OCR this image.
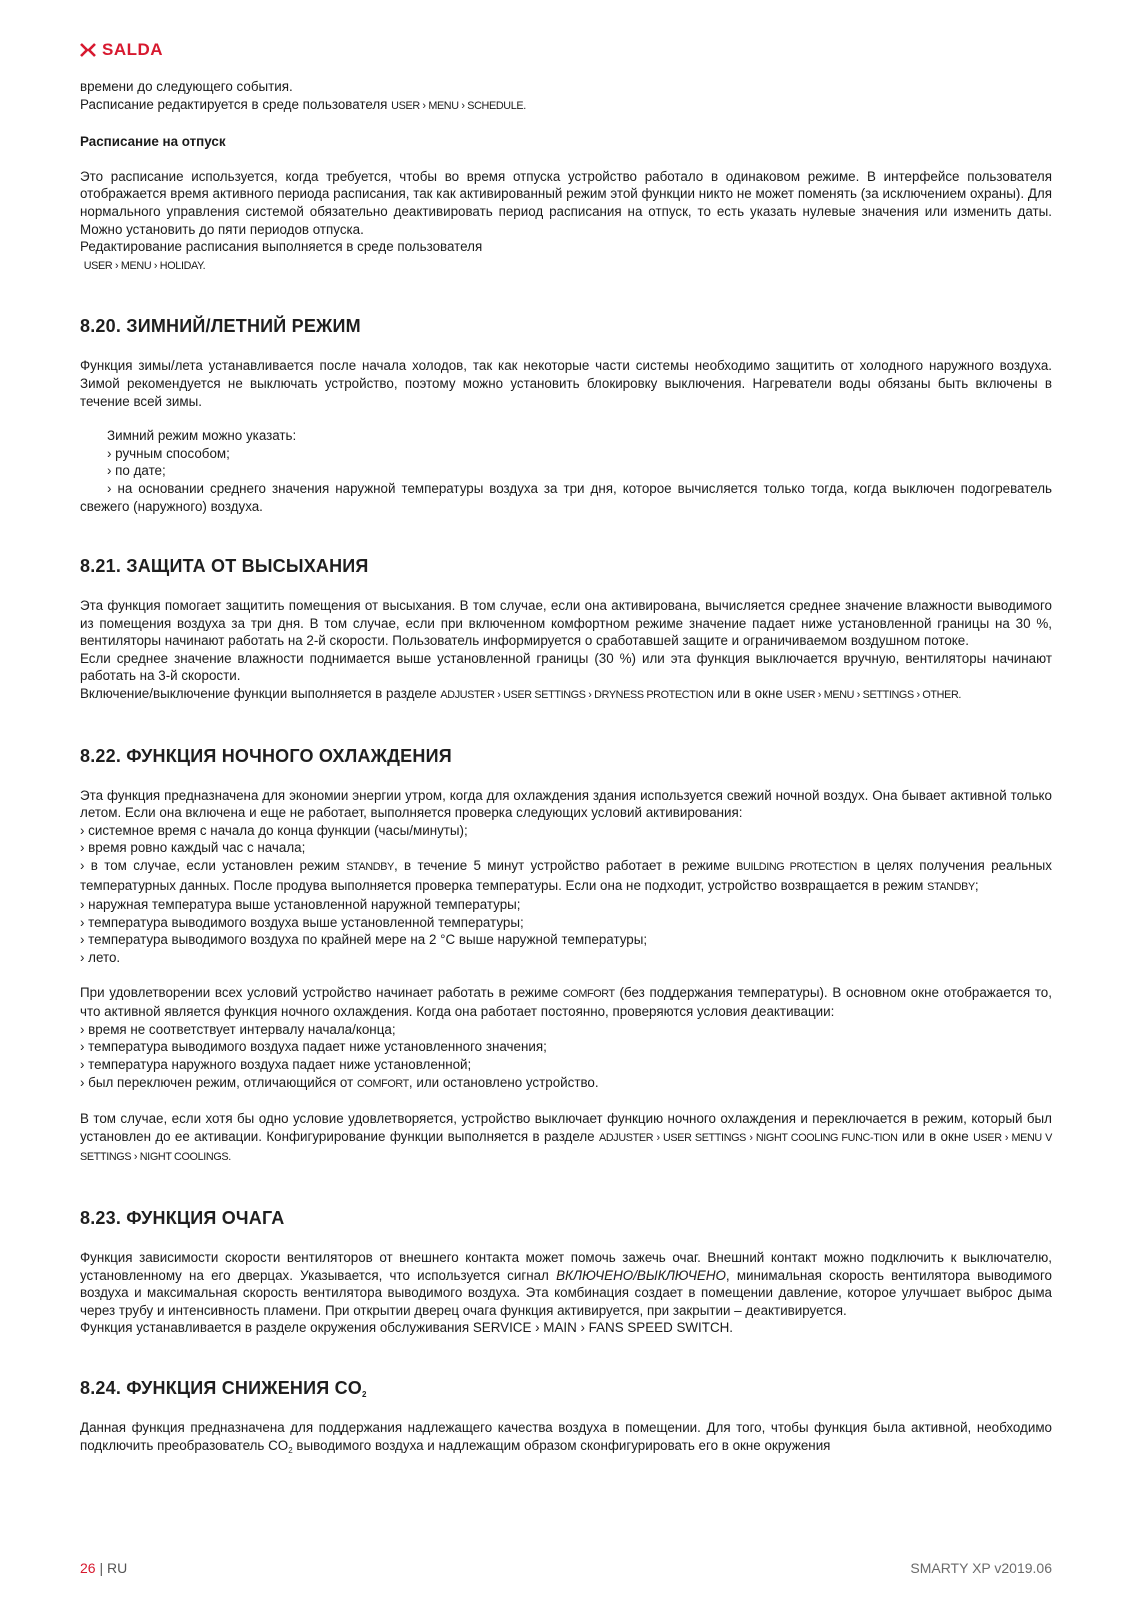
SALDA

времени до следующего события.

Расписание редактируется в среде пользователя USER › MENU › SCHEDULE.

Расписание на отпуск

Это расписание используется, когда требуется, чтобы во время отпуска устройство работало в одинаковом режиме. В интерфейсе пользователя отображается время активного периода расписания, так как активированный режим этой функции никто не может поменять (за исключением охраны). Для нормального управления системой обязательно деактивировать период расписания на отпуск, то есть указать нулевые значения или изменить даты. Можно установить до пяти периодов отпуска.

Редактирование расписания выполняется в среде пользователя

USER › MENU › HOLIDAY.

8.20. ЗИМНИЙ/ЛЕТНИЙ РЕЖИМ

Функция зимы/лета устанавливается после начала холодов, так как некоторые части системы необходимо защитить от холодного наружного воздуха. Зимой рекомендуется не выключать устройство, поэтому можно установить блокировку выключения. Нагреватели воды обязаны быть включены в течение всей зимы.

Зимний режим можно указать:

› ручным способом;

› по дате;

› на основании среднего значения наружной температуры воздуха за три дня, которое вычисляется только тогда, когда выключен подогреватель свежего (наружного) воздуха.

8.21. ЗАЩИТА ОТ ВЫСЫХАНИЯ

Эта функция помогает защитить помещения от высыхания. В том случае, если она активирована, вычисляется среднее значение влажности выводимого из помещения воздуха за три дня. В том случае, если при включенном комфортном режиме значение падает ниже установленной границы на 30 %, вентиляторы начинают работать на 2-й скорости. Пользователь информируется о сработавшей защите и ограничиваемом воздушном потоке.

Если среднее значение влажности поднимается выше установленной границы (30 %) или эта функция выключается вручную, вентиляторы начинают работать на 3-й скорости.

Включение/выключение функции выполняется в разделе ADJUSTER › USER SETTINGS › DRYNESS PROTECTION или в окне USER › MENU › SETTINGS › OTHER.

8.22. ФУНКЦИЯ НОЧНОГО ОХЛАЖДЕНИЯ

Эта функция предназначена для экономии энергии утром, когда для охлаждения здания используется свежий ночной воздух. Она бывает активной только летом. Если она включена и еще не работает, выполняется проверка следующих условий активирования:

› системное время с начала до конца функции (часы/минуты);

› время ровно каждый час с начала;

› в том случае, если установлен режим STANDBY, в течение 5 минут устройство работает в режиме BUILDING PROTECTION в целях получения реальных температурных данных. После продува выполняется проверка температуры. Если она не подходит, устройство возвращается в режим STANDBY;

› наружная температура выше установленной наружной температуры;

› температура выводимого воздуха выше установленной температуры;

› температура выводимого воздуха по крайней мере на 2 °C выше наружной температуры;

› лето.

При удовлетворении всех условий устройство начинает работать в режиме COMFORT (без поддержания температуры). В основном окне отображается то, что активной является функция ночного охлаждения. Когда она работает постоянно, проверяются условия деактивации:

› время не соответствует интервалу начала/конца;

› температура выводимого воздуха падает ниже установленного значения;

› температура наружного воздуха падает ниже установленной;

› был переключен режим, отличающийся от COMFORT, или остановлено устройство.

В том случае, если хотя бы одно условие удовлетворяется, устройство выключает функцию ночного охлаждения и переключается в режим, который был установлен до ее активации. Конфигурирование функции выполняется в разделе ADJUSTER › USER SETTINGS › NIGHT COOLING FUNC-TION или в окне USER › MENU V SETTINGS › NIGHT COOLINGS.

8.23. ФУНКЦИЯ ОЧАГА

Функция зависимости скорости вентиляторов от внешнего контакта может помочь зажечь очаг. Внешний контакт можно подключить к выключателю, установленному на его дверцах. Указывается, что используется сигнал ВКЛЮЧЕНО/ВЫКЛЮЧЕНО, минимальная скорость вентилятора выводимого воздуха и максимальная скорость вентилятора выводимого воздуха. Эта комбинация создает в помещении давление, которое улучшает выброс дыма через трубу и интенсивность пламени. При открытии дверец очага функция активируется, при закрытии – деактивируется.

Функция устанавливается в разделе окружения обслуживания SERVICE › MAIN › FANS SPEED SWITCH.

8.24. ФУНКЦИЯ СНИЖЕНИЯ $CO_2$

Данная функция предназначена для поддержания надлежащего качества воздуха в помещении. Для того, чтобы функция была активной, необходимо подключить преобразователь $CO_2$ выводимого воздуха и надлежащим образом сконфигурировать его в окне окружения

26 | RU	SMARTY XP v2019.06
